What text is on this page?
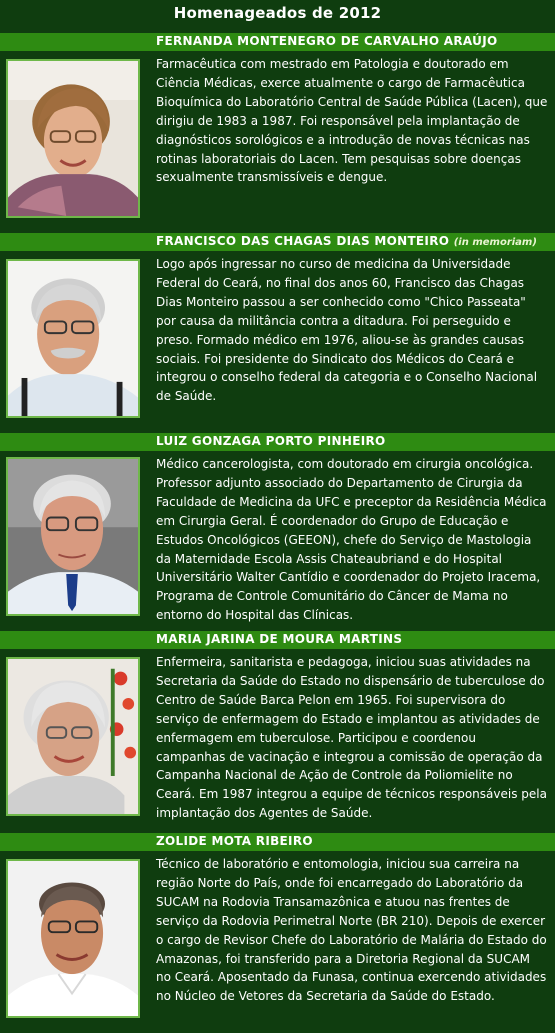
Homenageados de 2012
FERNANDA MONTENEGRO DE CARVALHO ARAÚJO
Farmacêutica com mestrado em Patologia e doutorado em Ciência Médicas, exerce atualmente o cargo de Farmacêutica Bioquímica do Laboratório Central de Saúde Pública (Lacen), que dirigiu de 1983 a 1987. Foi responsável pela implantação de diagnósticos sorológicos e a introdução de novas técnicas nas rotinas laboratoriais do Lacen. Tem pesquisas sobre doenças sexualmente transmissíveis e dengue.
FRANCISCO DAS CHAGAS DIAS MONTEIRO (in memoriam)
Logo após ingressar no curso de medicina da Universidade Federal do Ceará, no final dos anos 60, Francisco das Chagas Dias Monteiro passou a ser conhecido como "Chico Passeata" por causa da militância contra a ditadura. Foi perseguido e preso. Formado médico em 1976, aliou-se às grandes causas sociais. Foi presidente do Sindicato dos Médicos do Ceará e integrou o conselho federal da categoria e o Conselho Nacional de Saúde.
LUIZ GONZAGA PORTO PINHEIRO
Médico cancerologista, com doutorado em cirurgia oncológica. Professor adjunto associado do Departamento de Cirurgia da Faculdade de Medicina da UFC e preceptor da Residência Médica em Cirurgia Geral. É coordenador do Grupo de Educação e Estudos Oncológicos (GEEON), chefe do Serviço de Mastologia da Maternidade Escola Assis Chateaubriand e do Hospital Universitário Walter Cantídio e coordenador do Projeto Iracema, Programa de Controle Comunitário do Câncer de Mama no entorno do Hospital das Clínicas.
MARIA JARINA DE MOURA MARTINS
Enfermeira, sanitarista e pedagoga, iniciou suas atividades na Secretaria da Saúde do Estado no dispensário de tuberculose do Centro de Saúde Barca Pelon em 1965. Foi supervisora do serviço de enfermagem do Estado e implantou as atividades de enfermagem em tuberculose. Participou e coordenou campanhas de vacinação e integrou a comissão de operação da Campanha Nacional de Ação de Controle da Poliomielite no Ceará. Em 1987 integrou a equipe de técnicos responsáveis pela implantação dos Agentes de Saúde.
ZOLIDE MOTA RIBEIRO
Técnico de laboratório e entomologia, iniciou sua carreira na região Norte do País, onde foi encarregado do Laboratório da SUCAM na Rodovia Transamazônica e atuou nas frentes de serviço da Rodovia Perimetral Norte (BR 210). Depois de exercer o cargo de Revisor Chefe do Laboratório de Malária do Estado do Amazonas, foi transferido para a Diretoria Regional da SUCAM no Ceará. Aposentado da Funasa, continua exercendo atividades no Núcleo de Vetores da Secretaria da Saúde do Estado.
